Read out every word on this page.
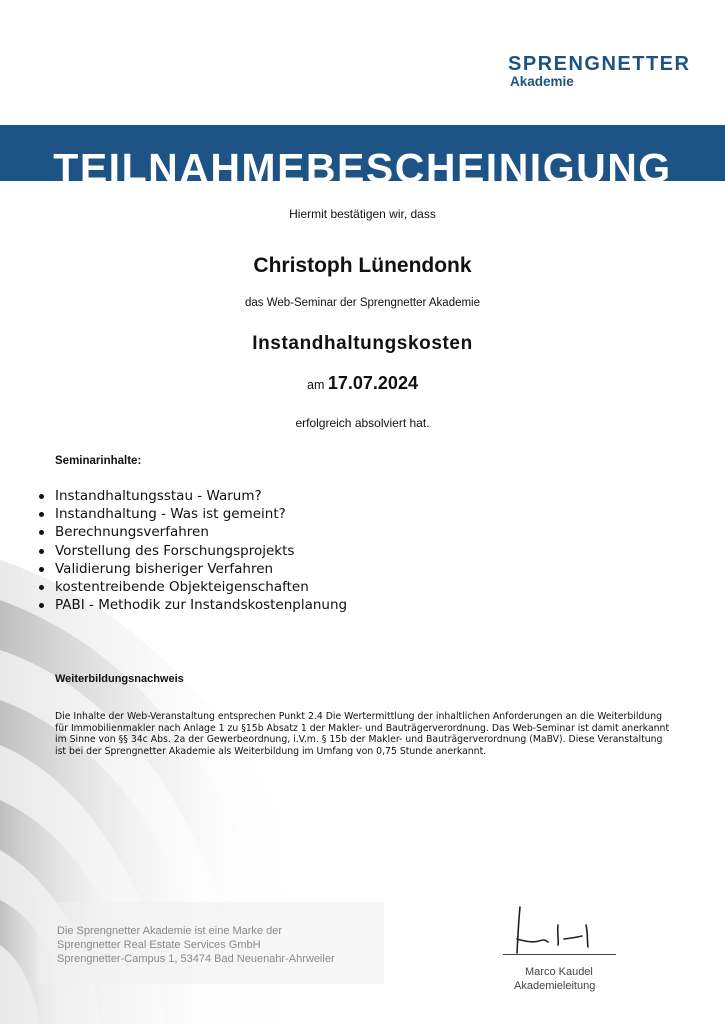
SPRENGNETTER
Akademie
TEILNAHMEBESCHEINIGUNG
Hiermit bestätigen wir, dass
Christoph Lünendonk
das Web-Seminar der Sprengnetter Akademie
Instandhaltungskosten
am 17.07.2024
erfolgreich absolviert hat.
Seminarinhalte:
Instandhaltungsstau - Warum?
Instandhaltung - Was ist gemeint?
Berechnungsverfahren
Vorstellung des Forschungsprojekts
Validierung bisheriger Verfahren
kostentreibende Objekteigenschaften
PABI - Methodik zur Instandskostenplanung
Weiterbildungsnachweis
Die Inhalte der Web-Veranstaltung entsprechen Punkt 2.4 Die Wertermittlung der inhaltlichen Anforderungen an die Weiterbildung für Immobilienmakler nach Anlage 1 zu §15b Absatz 1 der Makler- und Bauträgerverordnung. Das Web-Seminar ist damit anerkannt im Sinne von §§ 34c Abs. 2a der Gewerbeordnung, i.V.m. § 15b der Makler- und Bauträgerverordnung (MaBV). Diese Veranstaltung ist bei der Sprengnetter Akademie als Weiterbildung im Umfang von 0,75 Stunde anerkannt.
Die Sprengnetter Akademie ist eine Marke der
Sprengnetter Real Estate Services GmbH
Sprengnetter-Campus 1, 53474 Bad Neuenahr-Ahrweiler
Marco Kaudel
Akademieleitung
